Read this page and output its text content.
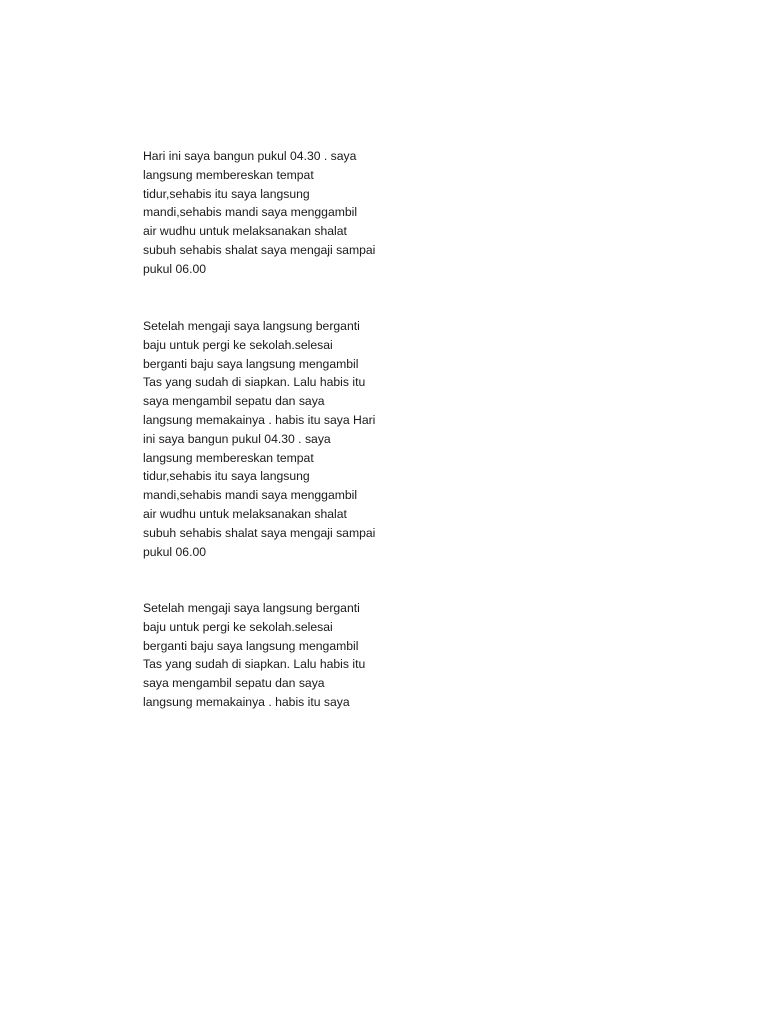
Hari ini saya bangun pukul 04.30 . saya
langsung membereskan tempat
tidur,sehabis itu saya langsung
mandi,sehabis mandi saya menggambil
air wudhu untuk melaksanakan shalat
subuh sehabis shalat saya mengaji sampai
pukul 06.00
Setelah mengaji saya langsung berganti
baju untuk pergi ke sekolah.selesai
berganti baju saya langsung mengambil
Tas yang sudah di siapkan. Lalu habis itu
saya mengambil sepatu dan saya
langsung memakainya . habis itu saya Hari
ini saya bangun pukul 04.30 . saya
langsung membereskan tempat
tidur,sehabis itu saya langsung
mandi,sehabis mandi saya menggambil
air wudhu untuk melaksanakan shalat
subuh sehabis shalat saya mengaji sampai
pukul 06.00
Setelah mengaji saya langsung berganti
baju untuk pergi ke sekolah.selesai
berganti baju saya langsung mengambil
Tas yang sudah di siapkan. Lalu habis itu
saya mengambil sepatu dan saya
langsung memakainya . habis itu saya
